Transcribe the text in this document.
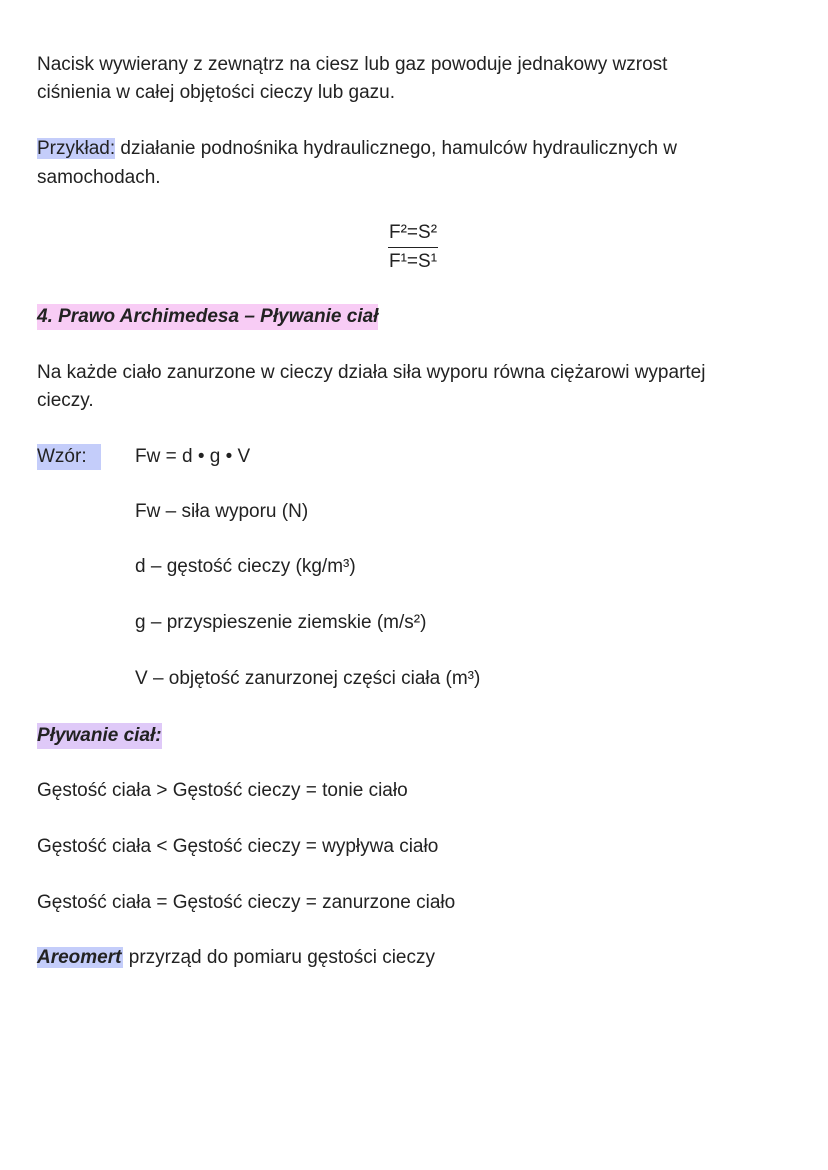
Nacisk wywierany z zewnątrz na ciesz lub gaz powoduje jednakowy wzrost
ciśnienia w całej objętości cieczy lub gazu.
Przykład: działanie podnośnika hydraulicznego, hamulców hydraulicznych w
samochodach.
$\frac{\text{F²=S²}}{\text{F¹=S¹}}$
4. Prawo Archimedesa – Pływanie ciał
Na każde ciało zanurzone w cieczy działa siła wyporu równa ciężarowi wypartej
cieczy.
Wzór:	Fw = d • g • V
Fw – siła wyporu (N)
d – gęstość cieczy (kg/m³)
g – przyspieszenie ziemskie (m/s²)
V – objętość zanurzonej części ciała (m³)
Pływanie ciał:
Gęstość ciała > Gęstość cieczy = tonie ciało
Gęstość ciała < Gęstość cieczy = wypływa ciało
Gęstość ciała = Gęstość cieczy = zanurzone ciało
Areomert przyrząd do pomiaru gęstości cieczy
